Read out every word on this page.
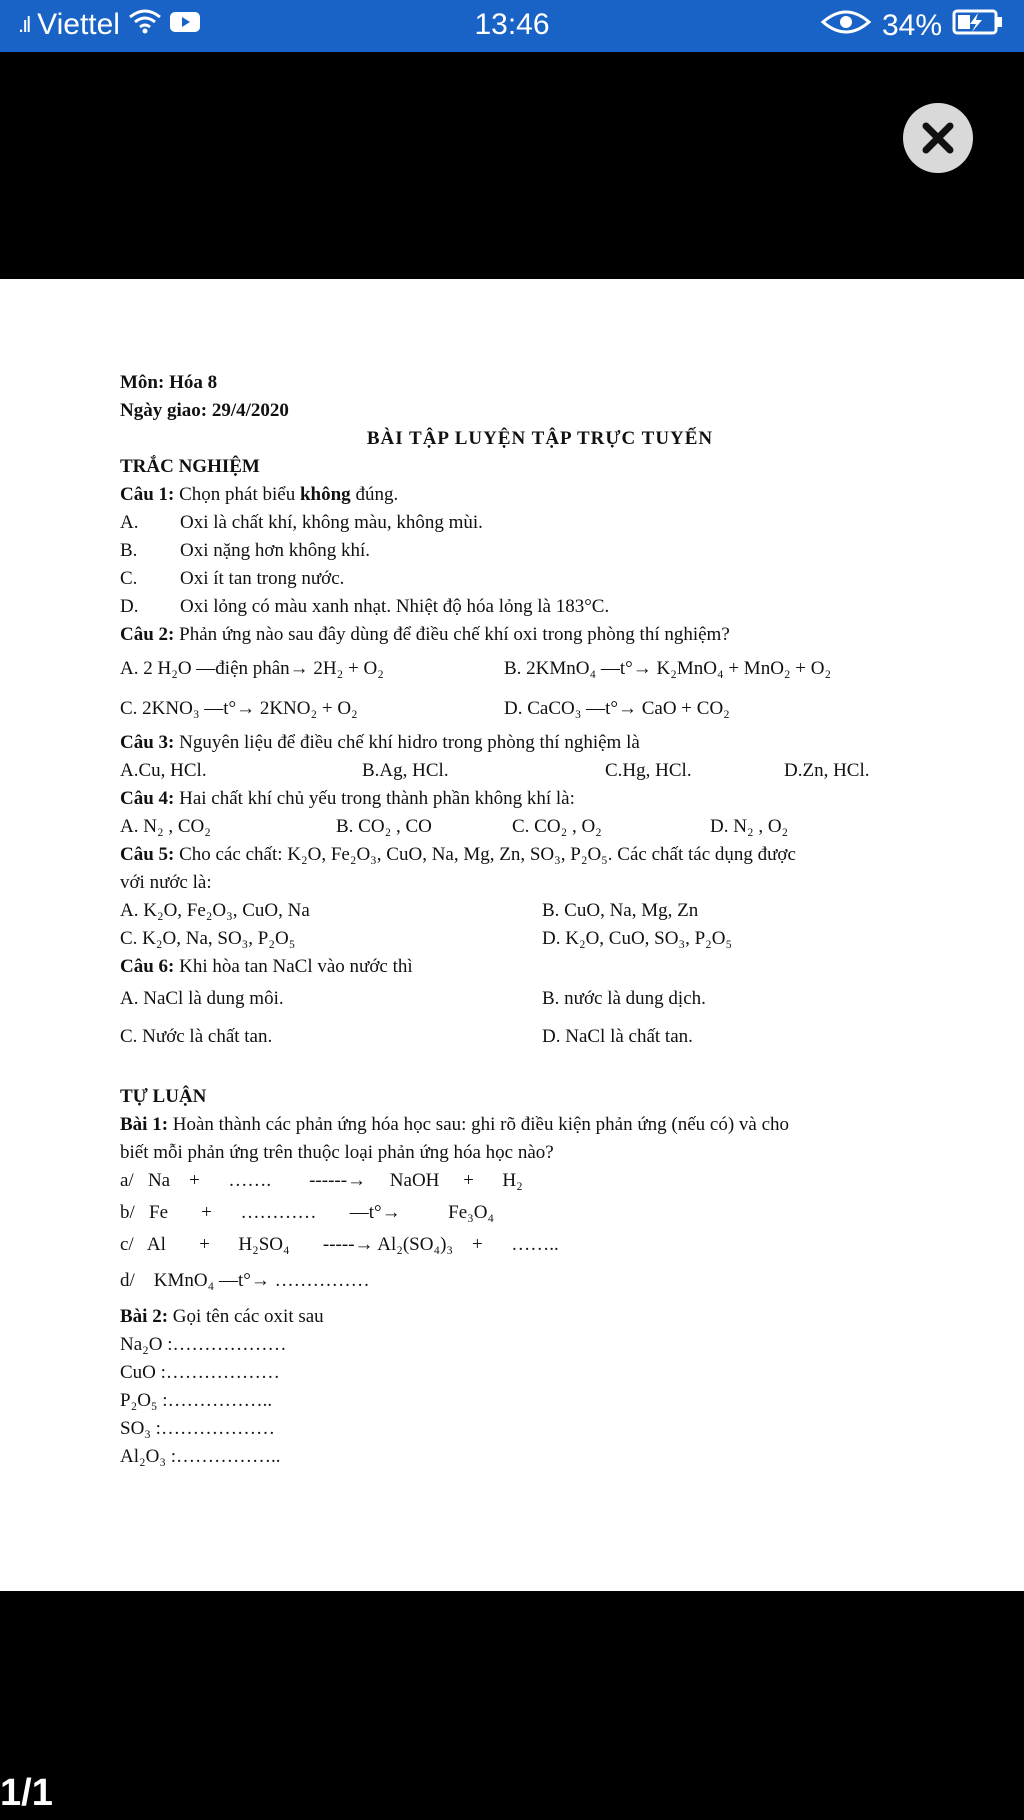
.ıl Viettel	13:46	34%
Môn: Hóa 8
Ngày giao: 29/4/2020
BÀI TẬP LUYỆN TẬP TRỰC TUYẾN
TRẮC NGHIỆM
Câu 1: Chọn phát biểu không đúng.
A. Oxi là chất khí, không màu, không mùi.
B. Oxi nặng hơn không khí.
C. Oxi ít tan trong nước.
D. Oxi lỏng có màu xanh nhạt. Nhiệt độ hóa lỏng là 183°C.
Câu 2: Phản ứng nào sau đây dùng để điều chế khí oxi trong phòng thí nghiệm?
A. 2 H₂O —điện phân→ 2H₂ + O₂	B. 2KMnO₄ —t°→ K₂MnO₄ + MnO₂ + O₂
C. 2KNO₃ —t°→ 2KNO₂ + O₂	D. CaCO₃ —t°→ CaO + CO₂
Câu 3: Nguyên liệu để điều chế khí hidro trong phòng thí nghiệm là
A.Cu, HCl.	B.Ag, HCl.	C.Hg, HCl.	D.Zn, HCl.
Câu 4: Hai chất khí chủ yếu trong thành phần không khí là:
A. N₂ , CO₂	B. CO₂ , CO	C. CO₂ , O₂	D. N₂ , O₂
Câu 5: Cho các chất: K₂O, Fe₂O₃, CuO, Na, Mg, Zn, SO₃, P₂O₅. Các chất tác dụng được
với nước là:
A. K₂O, Fe₂O₃, CuO, Na	B. CuO, Na, Mg, Zn
C. K₂O, Na, SO₃, P₂O₅	D. K₂O, CuO, SO₃, P₂O₅
Câu 6: Khi hòa tan NaCl vào nước thì
A. NaCl là dung môi.	B. nước là dung dịch.
C. Nước là chất tan.	D. NaCl là chất tan.
TỰ LUẬN
Bài 1: Hoàn thành các phản ứng hóa học sau: ghi rõ điều kiện phản ứng (nếu có) và cho
biết mỗi phản ứng trên thuộc loại phản ứng hóa học nào?
a/   Na    +      …….        ------→     NaOH     +      H₂
b/   Fe       +      …………       —t°→          Fe₃O₄
c/   Al       +      H₂SO₄       -----→ Al₂(SO₄)₃    +      ……..
d/    KMnO₄ —t°→ ……………
Bài 2: Gọi tên các oxit sau
Na₂O :………………
CuO :………………
P₂O₅ :……………..
SO₃ :………………
Al₂O₃ :……………..
1/1
